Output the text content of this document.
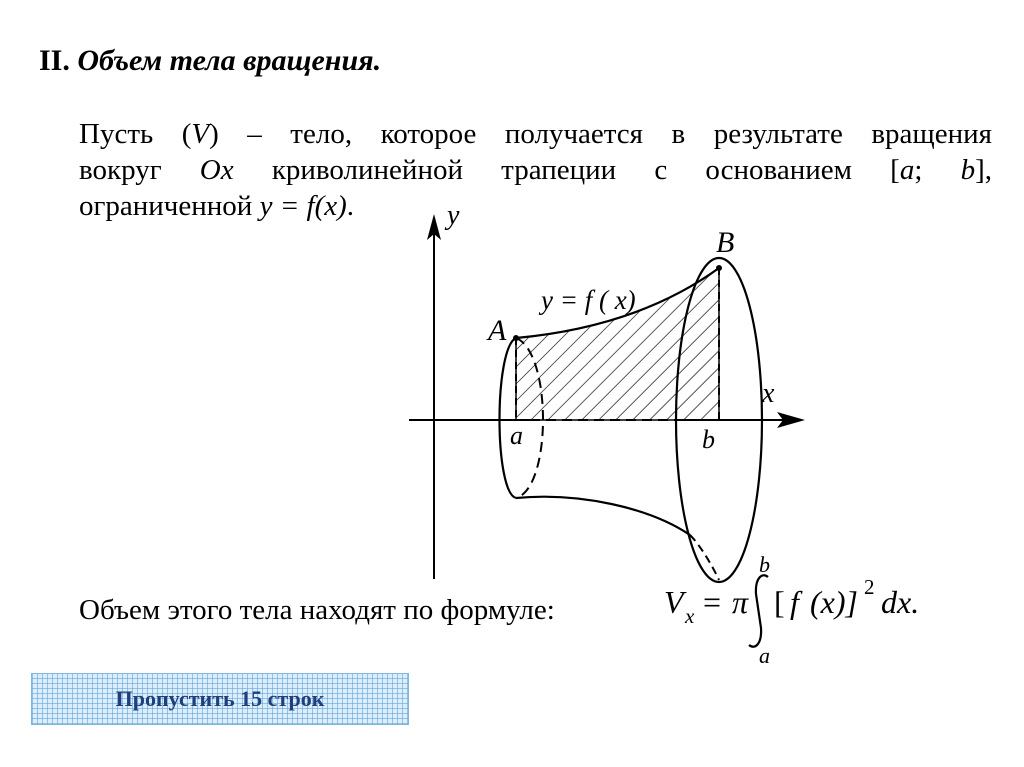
II. Объем тела вращения.
Пусть (V) – тело, которое получается в результате вращения
вокруг Ox криволинейной трапеции с основанием [a; b],
ограниченной y = f(x).	y
x
A
B
a	b
y = f ( x)
V x = π
b
a
[ f (x)] 2 dx.
Объем этого тела находят по формуле:
Пропустить 15 строк
